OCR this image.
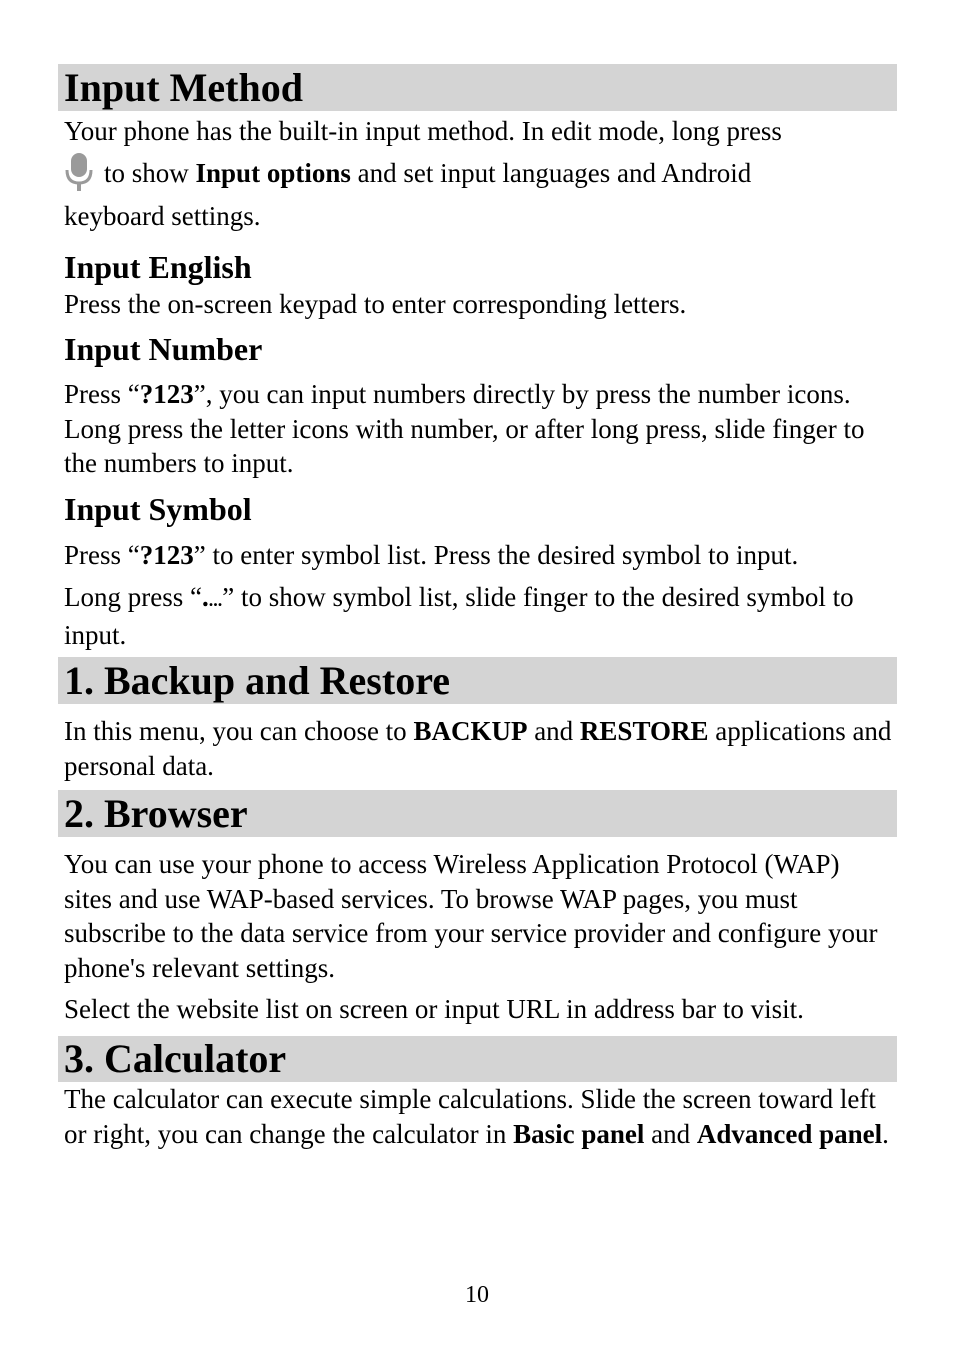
Input Method
Your phone has the built-in input method. In edit mode, long press
to show Input options and set input languages and Android
keyboard settings.
Input English
Press the on-screen keypad to enter corresponding letters.
Input Number
Press “?123”, you can input numbers directly by press the number icons. Long press the letter icons with number, or after long press, slide finger to the numbers to input.
Input Symbol
Press “?123” to enter symbol list. Press the desired symbol to input.
Long press “....” to show symbol list, slide finger to the desired symbol to input.
1. Backup and Restore
In this menu, you can choose to BACKUP and RESTORE applications and personal data.
2. Browser
You can use your phone to access Wireless Application Protocol (WAP) sites and use WAP-based services. To browse WAP pages, you must subscribe to the data service from your service provider and configure your phone's relevant settings.
Select the website list on screen or input URL in address bar to visit.
3. Calculator
The calculator can execute simple calculations. Slide the screen toward left or right, you can change the calculator in Basic panel and Advanced panel.
10
